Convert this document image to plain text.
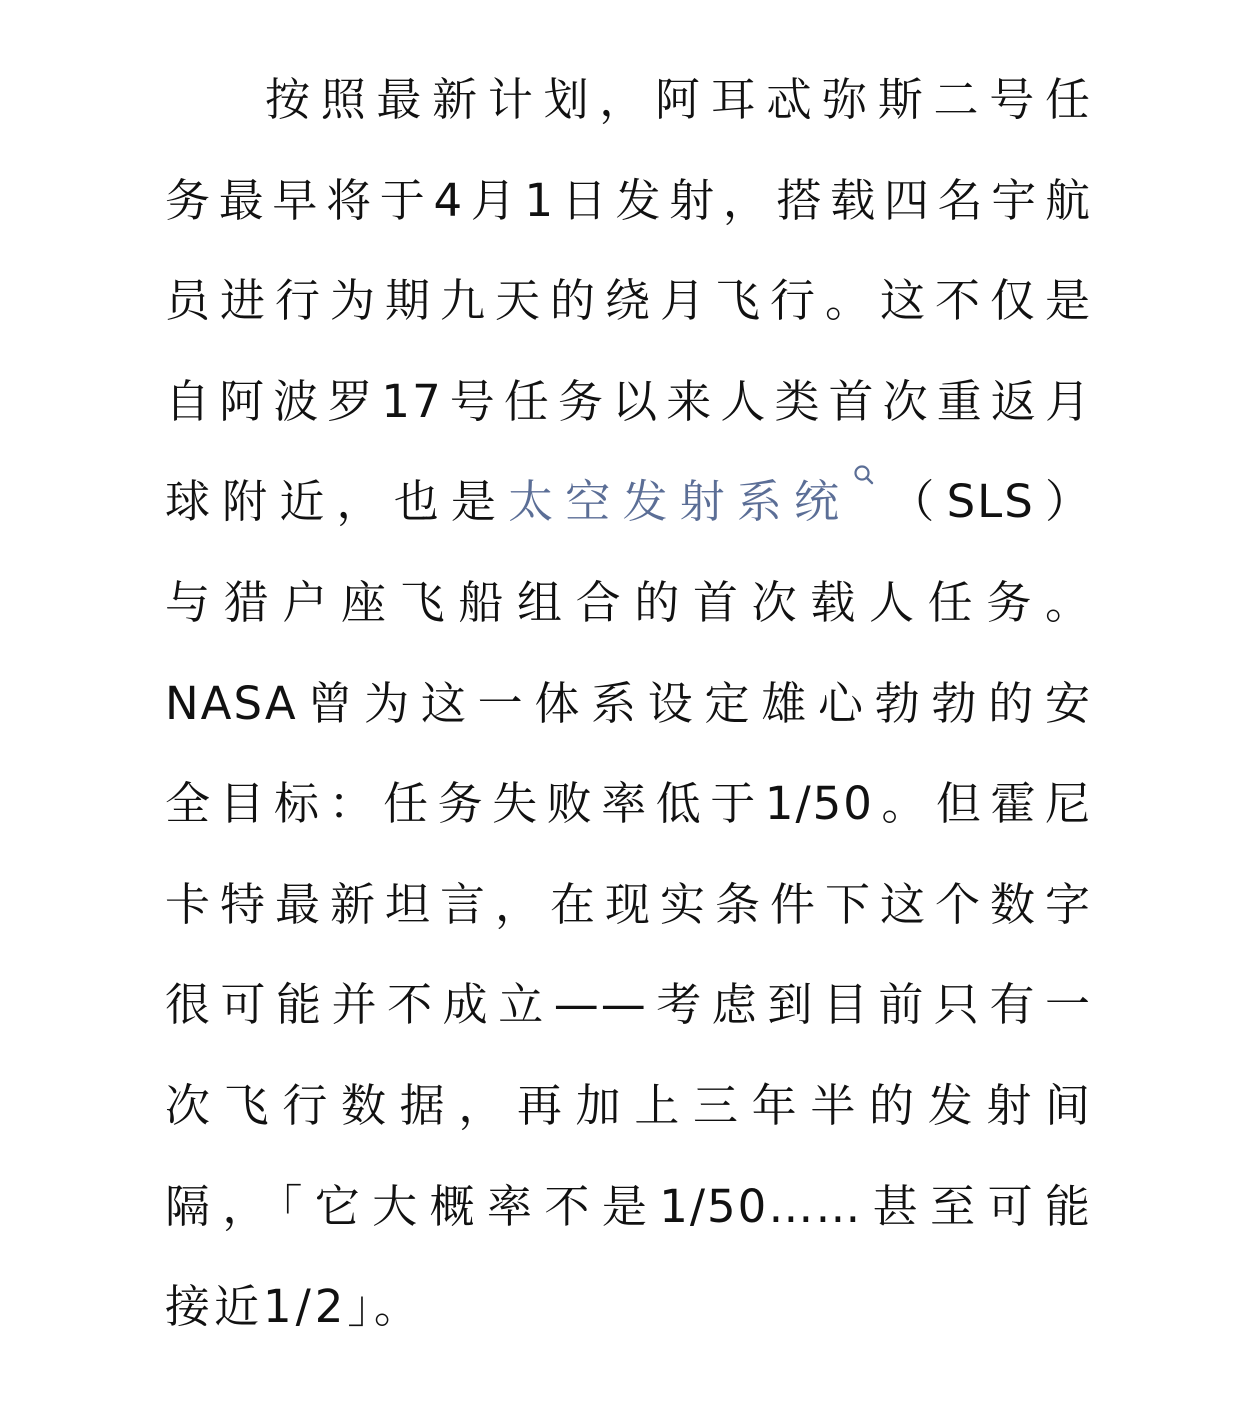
按照最新计划，阿耳忒弥斯二号任
务最早将于4月1日发射，搭载四名宇航
员进行为期九天的绕月飞行。这不仅是
自阿波罗17号任务以来人类首次重返月
球附近，也是太空发射系统 （SLS）
与猎户座飞船组合的首次载人任务。
NASA曾为这一体系设定雄心勃勃的安
全目标：任务失败率低于1/50。但霍尼
卡特最新坦言，在现实条件下这个数字
很可能并不成立——考虑到目前只有一
次飞行数据，再加上三年半的发射间
隔，「它大概率不是1/50……甚至可能
接近1/2」。
